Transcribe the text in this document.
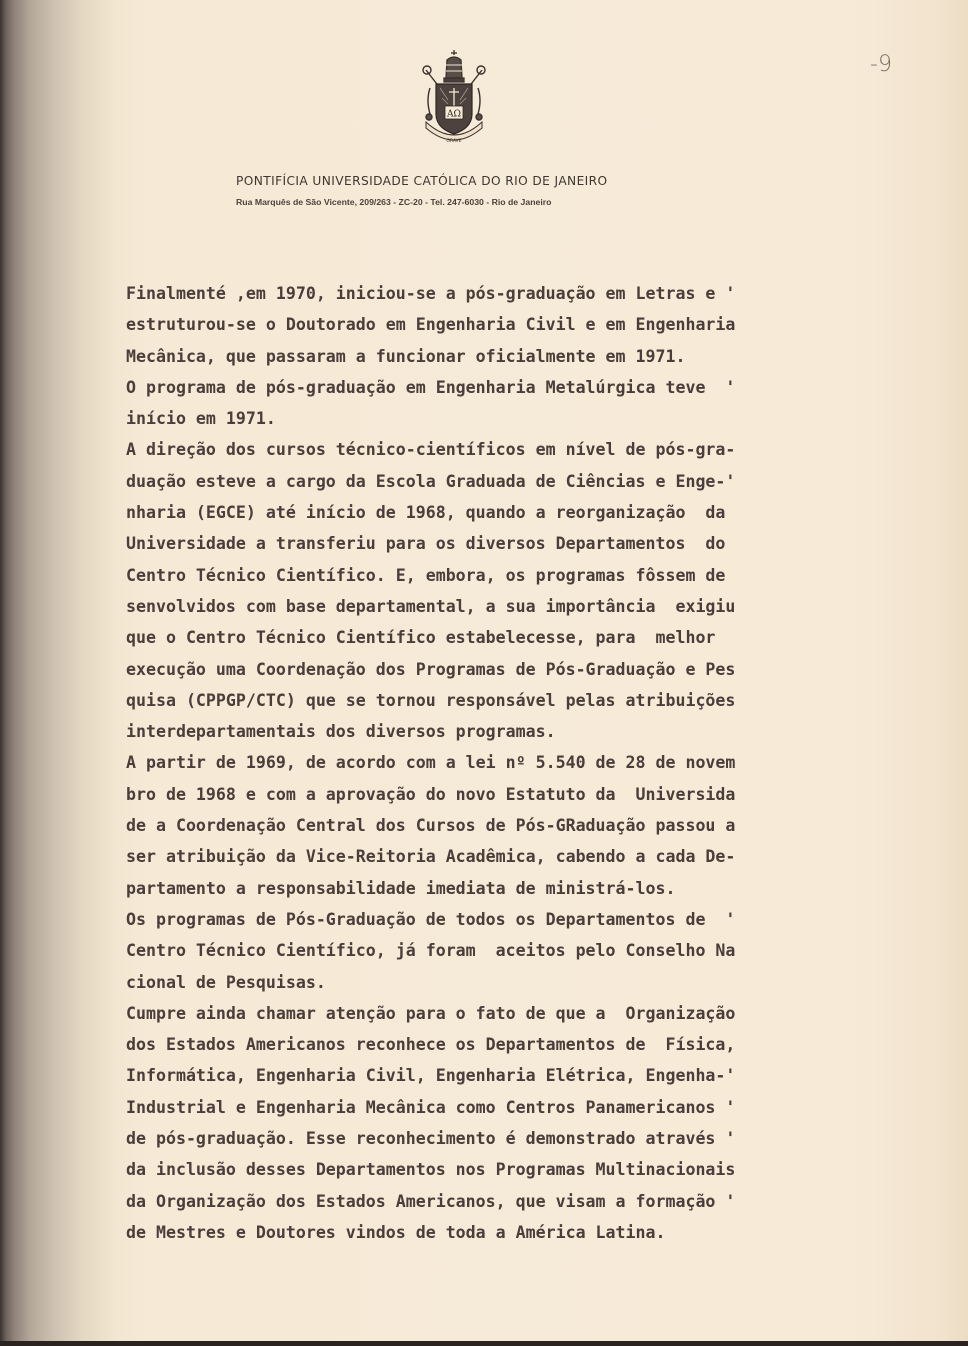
-9
AΩ
GRAVE
PONTIFÍCIA UNIVERSIDADE CATÓLICA DO RIO DE JANEIRO
Rua Marquês de São Vicente, 209/263 - ZC-20 - Tel. 247-6030 - Rio de Janeiro
Finalmenté ,em 1970, iniciou-se a pós-graduação em Letras e '
estruturou-se o Doutorado em Engenharia Civil e em Engenharia
Mecânica, que passaram a funcionar oficialmente em 1971.
O programa de pós-graduação em Engenharia Metalúrgica teve  '
início em 1971.
A direção dos cursos técnico-científicos em nível de pós-gra-
duação esteve a cargo da Escola Graduada de Ciências e Enge-'
nharia (EGCE) até início de 1968, quando a reorganização  da
Universidade a transferiu para os diversos Departamentos  do
Centro Técnico Científico. E, embora, os programas fôssem de
senvolvidos com base departamental, a sua importância  exigiu
que o Centro Técnico Científico estabelecesse, para  melhor
execução uma Coordenação dos Programas de Pós-Graduação e Pes
quisa (CPPGP/CTC) que se tornou responsável pelas atribuições
interdepartamentais dos diversos programas.
A partir de 1969, de acordo com a lei nº 5.540 de 28 de novem
bro de 1968 e com a aprovação do novo Estatuto da  Universida
de a Coordenação Central dos Cursos de Pós-GRaduação passou a
ser atribuição da Vice-Reitoria Acadêmica, cabendo a cada De-
partamento a responsabilidade imediata de ministrá-los.
Os programas de Pós-Graduação de todos os Departamentos de  '
Centro Técnico Científico, já foram  aceitos pelo Conselho Na
cional de Pesquisas.
Cumpre ainda chamar atenção para o fato de que a  Organização
dos Estados Americanos reconhece os Departamentos de  Física,
Informática, Engenharia Civil, Engenharia Elétrica, Engenha-'
Industrial e Engenharia Mecânica como Centros Panamericanos '
de pós-graduação. Esse reconhecimento é demonstrado através '
da inclusão desses Departamentos nos Programas Multinacionais
da Organização dos Estados Americanos, que visam a formação '
de Mestres e Doutores vindos de toda a América Latina.
